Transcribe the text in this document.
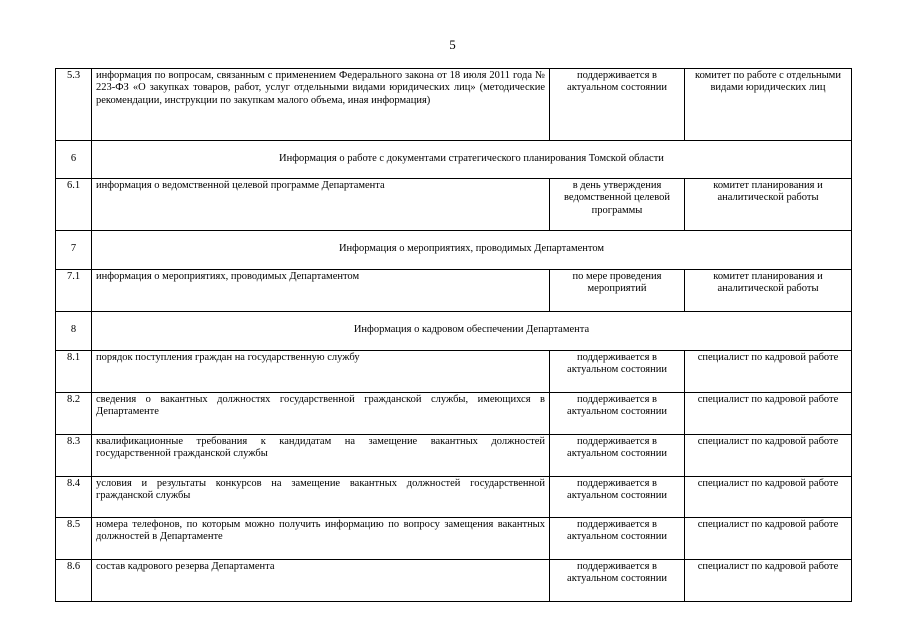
5
5.3	информация по вопросам, связанным с применением Федерального закона от 18 июля 2011 года № 223-ФЗ «О закупках товаров, работ, услуг отдельными видами юридических лиц» (методические рекомендации, инструкции по закупкам малого объема, иная информация)	поддерживается в актуальном состоянии	комитет по работе с отдельными видами юридических лиц
6	Информация о работе с документами стратегического планирования Томской области		
6.1	информация о ведомственной целевой программе Департамента	в день утверждения ведомственной целевой программы	комитет планирования и аналитической работы
7	Информация о мероприятиях, проводимых Департаментом		
7.1	информация о мероприятиях, проводимых Департаментом	по мере проведения мероприятий	комитет планирования и аналитической работы
8	Информация о кадровом обеспечении Департамента		
8.1	порядок поступления граждан на государственную службу	поддерживается в актуальном состоянии	специалист по кадровой работе
8.2	сведения о вакантных должностях государственной гражданской службы, имеющихся в Департаменте	поддерживается в актуальном состоянии	специалист по кадровой работе
8.3	квалификационные требования к кандидатам на замещение вакантных должностей государственной гражданской службы	поддерживается в актуальном состоянии	специалист по кадровой работе
8.4	условия и результаты конкурсов на замещение вакантных должностей государственной гражданской службы	поддерживается в актуальном состоянии	специалист по кадровой работе
8.5	номера телефонов, по которым можно получить информацию по вопросу замещения вакантных должностей в Департаменте	поддерживается в актуальном состоянии	специалист по кадровой работе
8.6	состав кадрового резерва Департамента	поддерживается в актуальном состоянии	специалист по кадровой работе
